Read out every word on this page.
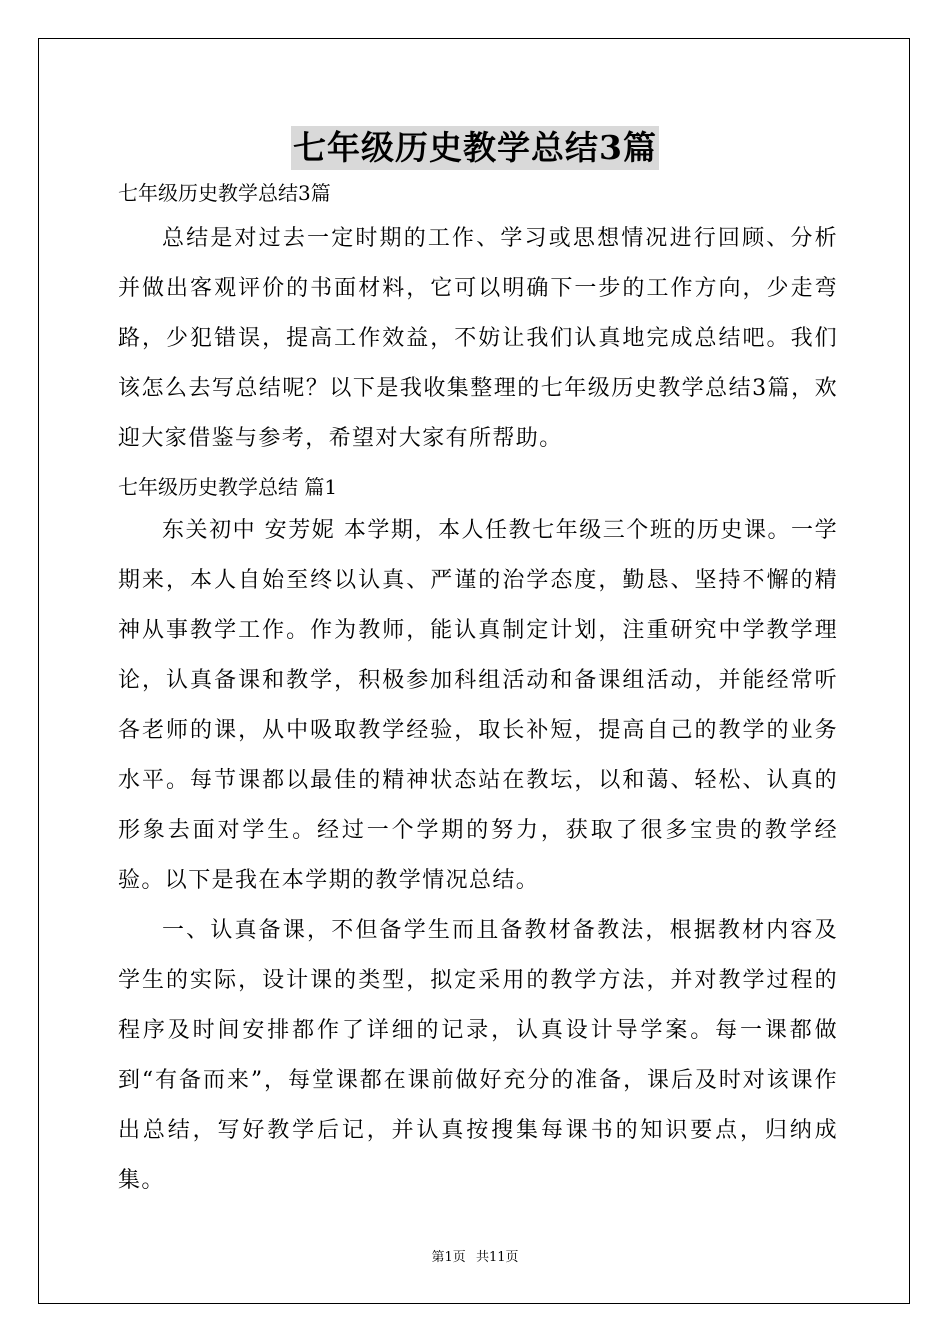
七年级历史教学总结3篇
七年级历史教学总结3篇
总结是对过去一定时期的工作、学习或思想情况进行回顾、分析并做出客观评价的书面材料，它可以明确下一步的工作方向，少走弯路，少犯错误，提高工作效益，不妨让我们认真地完成总结吧。我们该怎么去写总结呢？以下是我收集整理的七年级历史教学总结3篇，欢迎大家借鉴与参考，希望对大家有所帮助。
七年级历史教学总结 篇1
东关初中 安芳妮 本学期，本人任教七年级三个班的历史课。一学期来，本人自始至终以认真、严谨的治学态度，勤恳、坚持不懈的精神从事教学工作。作为教师，能认真制定计划，注重研究中学教学理论，认真备课和教学，积极参加科组活动和备课组活动，并能经常听各老师的课，从中吸取教学经验，取长补短，提高自己的教学的业务水平。每节课都以最佳的精神状态站在教坛，以和蔼、轻松、认真的形象去面对学生。经过一个学期的努力，获取了很多宝贵的教学经验。以下是我在本学期的教学情况总结。
一、认真备课，不但备学生而且备教材备教法，根据教材内容及学生的实际，设计课的类型，拟定采用的教学方法，并对教学过程的程序及时间安排都作了详细的记录，认真设计导学案。每一课都做到“有备而来”，每堂课都在课前做好充分的准备，课后及时对该课作出总结，写好教学后记，并认真按搜集每课书的知识要点，归纳成集。
第1页 共11页
